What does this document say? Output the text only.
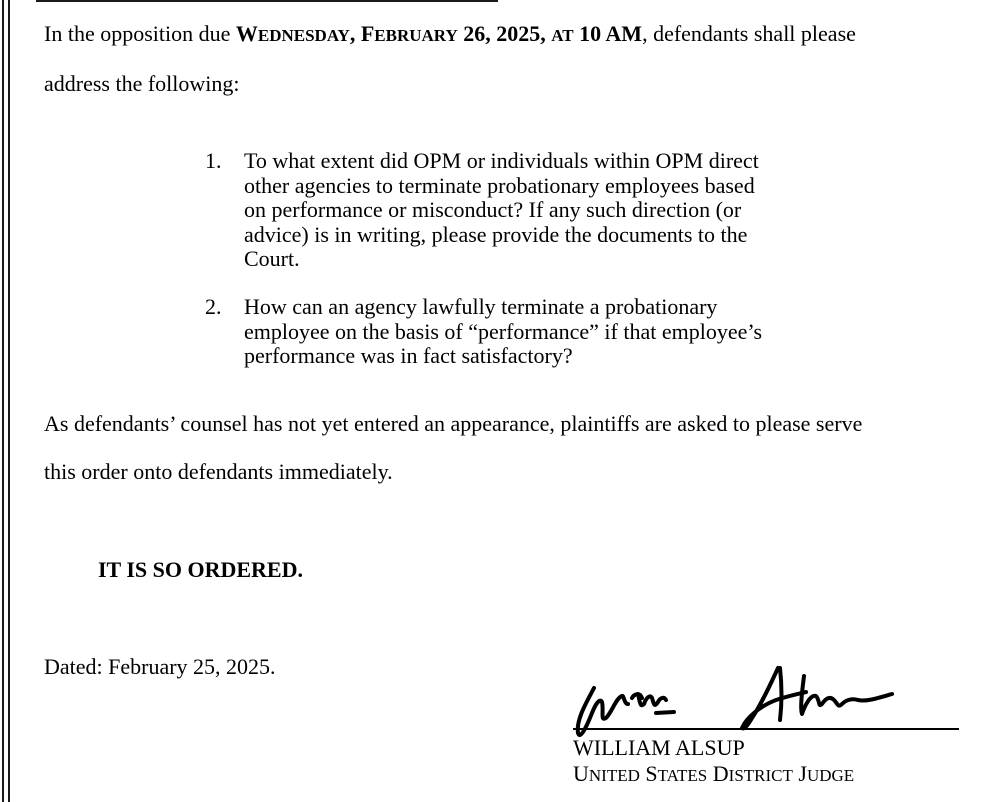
In the opposition due WEDNESDAY, FEBRUARY 26, 2025, AT 10 AM, defendants shall please
address the following:

1. To what extent did OPM or individuals within OPM direct
other agencies to terminate probationary employees based
on performance or misconduct? If any such direction (or
advice) is in writing, please provide the documents to the
Court.
2. How can an agency lawfully terminate a probationary
employee on the basis of “performance” if that employee’s
performance was in fact satisfactory?

As defendants’ counsel has not yet entered an appearance, plaintiffs are asked to please serve
this order onto defendants immediately.

IT IS SO ORDERED.

Dated: February 25, 2025.

WILLIAM ALSUP

UNITED STATES DISTRICT JUDGE
